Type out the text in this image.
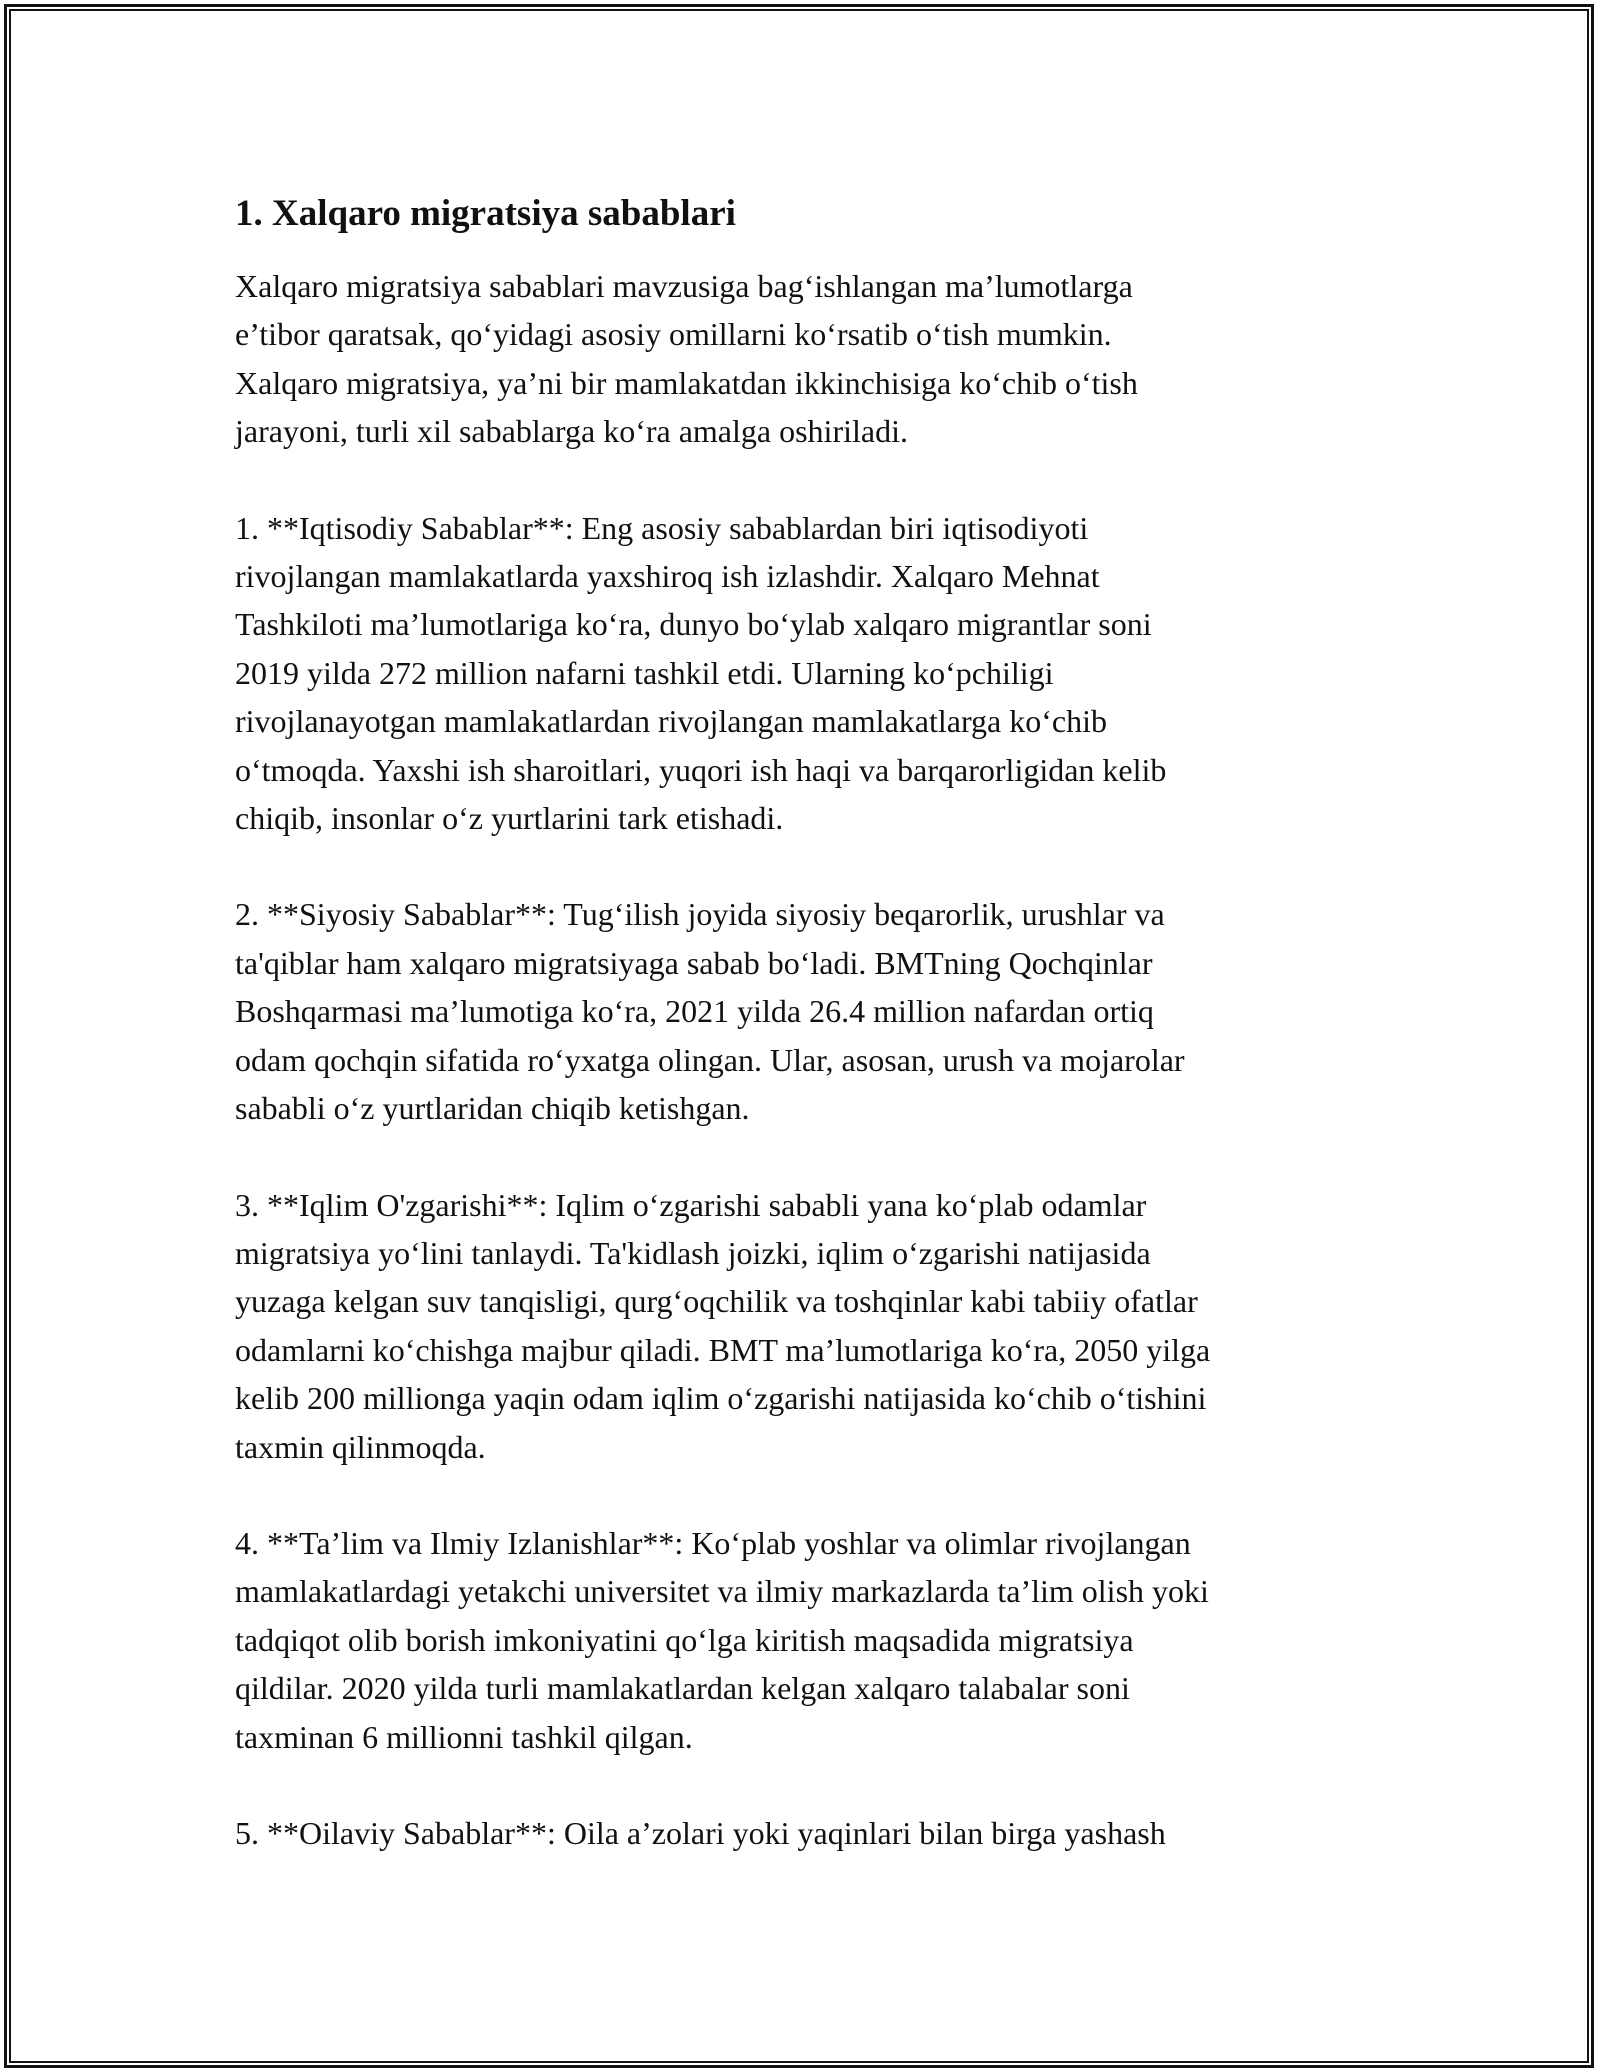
1. Xalqaro migratsiya sabablari
Xalqaro migratsiya sabablari mavzusiga bag‘ishlangan ma’lumotlarga
e’tibor qaratsak, qo‘yidagi asosiy omillarni ko‘rsatib o‘tish mumkin.
Xalqaro migratsiya, ya’ni bir mamlakatdan ikkinchisiga ko‘chib o‘tish
jarayoni, turli xil sabablarga ko‘ra amalga oshiriladi.
1. **Iqtisodiy Sabablar**: Eng asosiy sabablardan biri iqtisodiyoti
rivojlangan mamlakatlarda yaxshiroq ish izlashdir. Xalqaro Mehnat
Tashkiloti ma’lumotlariga ko‘ra, dunyo bo‘ylab xalqaro migrantlar soni
2019 yilda 272 million nafarni tashkil etdi. Ularning ko‘pchiligi
rivojlanayotgan mamlakatlardan rivojlangan mamlakatlarga ko‘chib
o‘tmoqda. Yaxshi ish sharoitlari, yuqori ish haqi va barqarorligidan kelib
chiqib, insonlar o‘z yurtlarini tark etishadi.
2. **Siyosiy Sabablar**: Tug‘ilish joyida siyosiy beqarorlik, urushlar va
ta'qiblar ham xalqaro migratsiyaga sabab bo‘ladi. BMTning Qochqinlar
Boshqarmasi ma’lumotiga ko‘ra, 2021 yilda 26.4 million nafardan ortiq
odam qochqin sifatida ro‘yxatga olingan. Ular, asosan, urush va mojarolar
sababli o‘z yurtlaridan chiqib ketishgan.
3. **Iqlim O'zgarishi**: Iqlim o‘zgarishi sababli yana ko‘plab odamlar
migratsiya yo‘lini tanlaydi. Ta'kidlash joizki, iqlim o‘zgarishi natijasida
yuzaga kelgan suv tanqisligi, qurg‘oqchilik va toshqinlar kabi tabiiy ofatlar
odamlarni ko‘chishga majbur qiladi. BMT ma’lumotlariga ko‘ra, 2050 yilga
kelib 200 millionga yaqin odam iqlim o‘zgarishi natijasida ko‘chib o‘tishini
taxmin qilinmoqda.
4. **Ta’lim va Ilmiy Izlanishlar**: Ko‘plab yoshlar va olimlar rivojlangan
mamlakatlardagi yetakchi universitet va ilmiy markazlarda ta’lim olish yoki
tadqiqot olib borish imkoniyatini qo‘lga kiritish maqsadida migratsiya
qildilar. 2020 yilda turli mamlakatlardan kelgan xalqaro talabalar soni
taxminan 6 millionni tashkil qilgan.
5. **Oilaviy Sabablar**: Oila a’zolari yoki yaqinlari bilan birga yashash
